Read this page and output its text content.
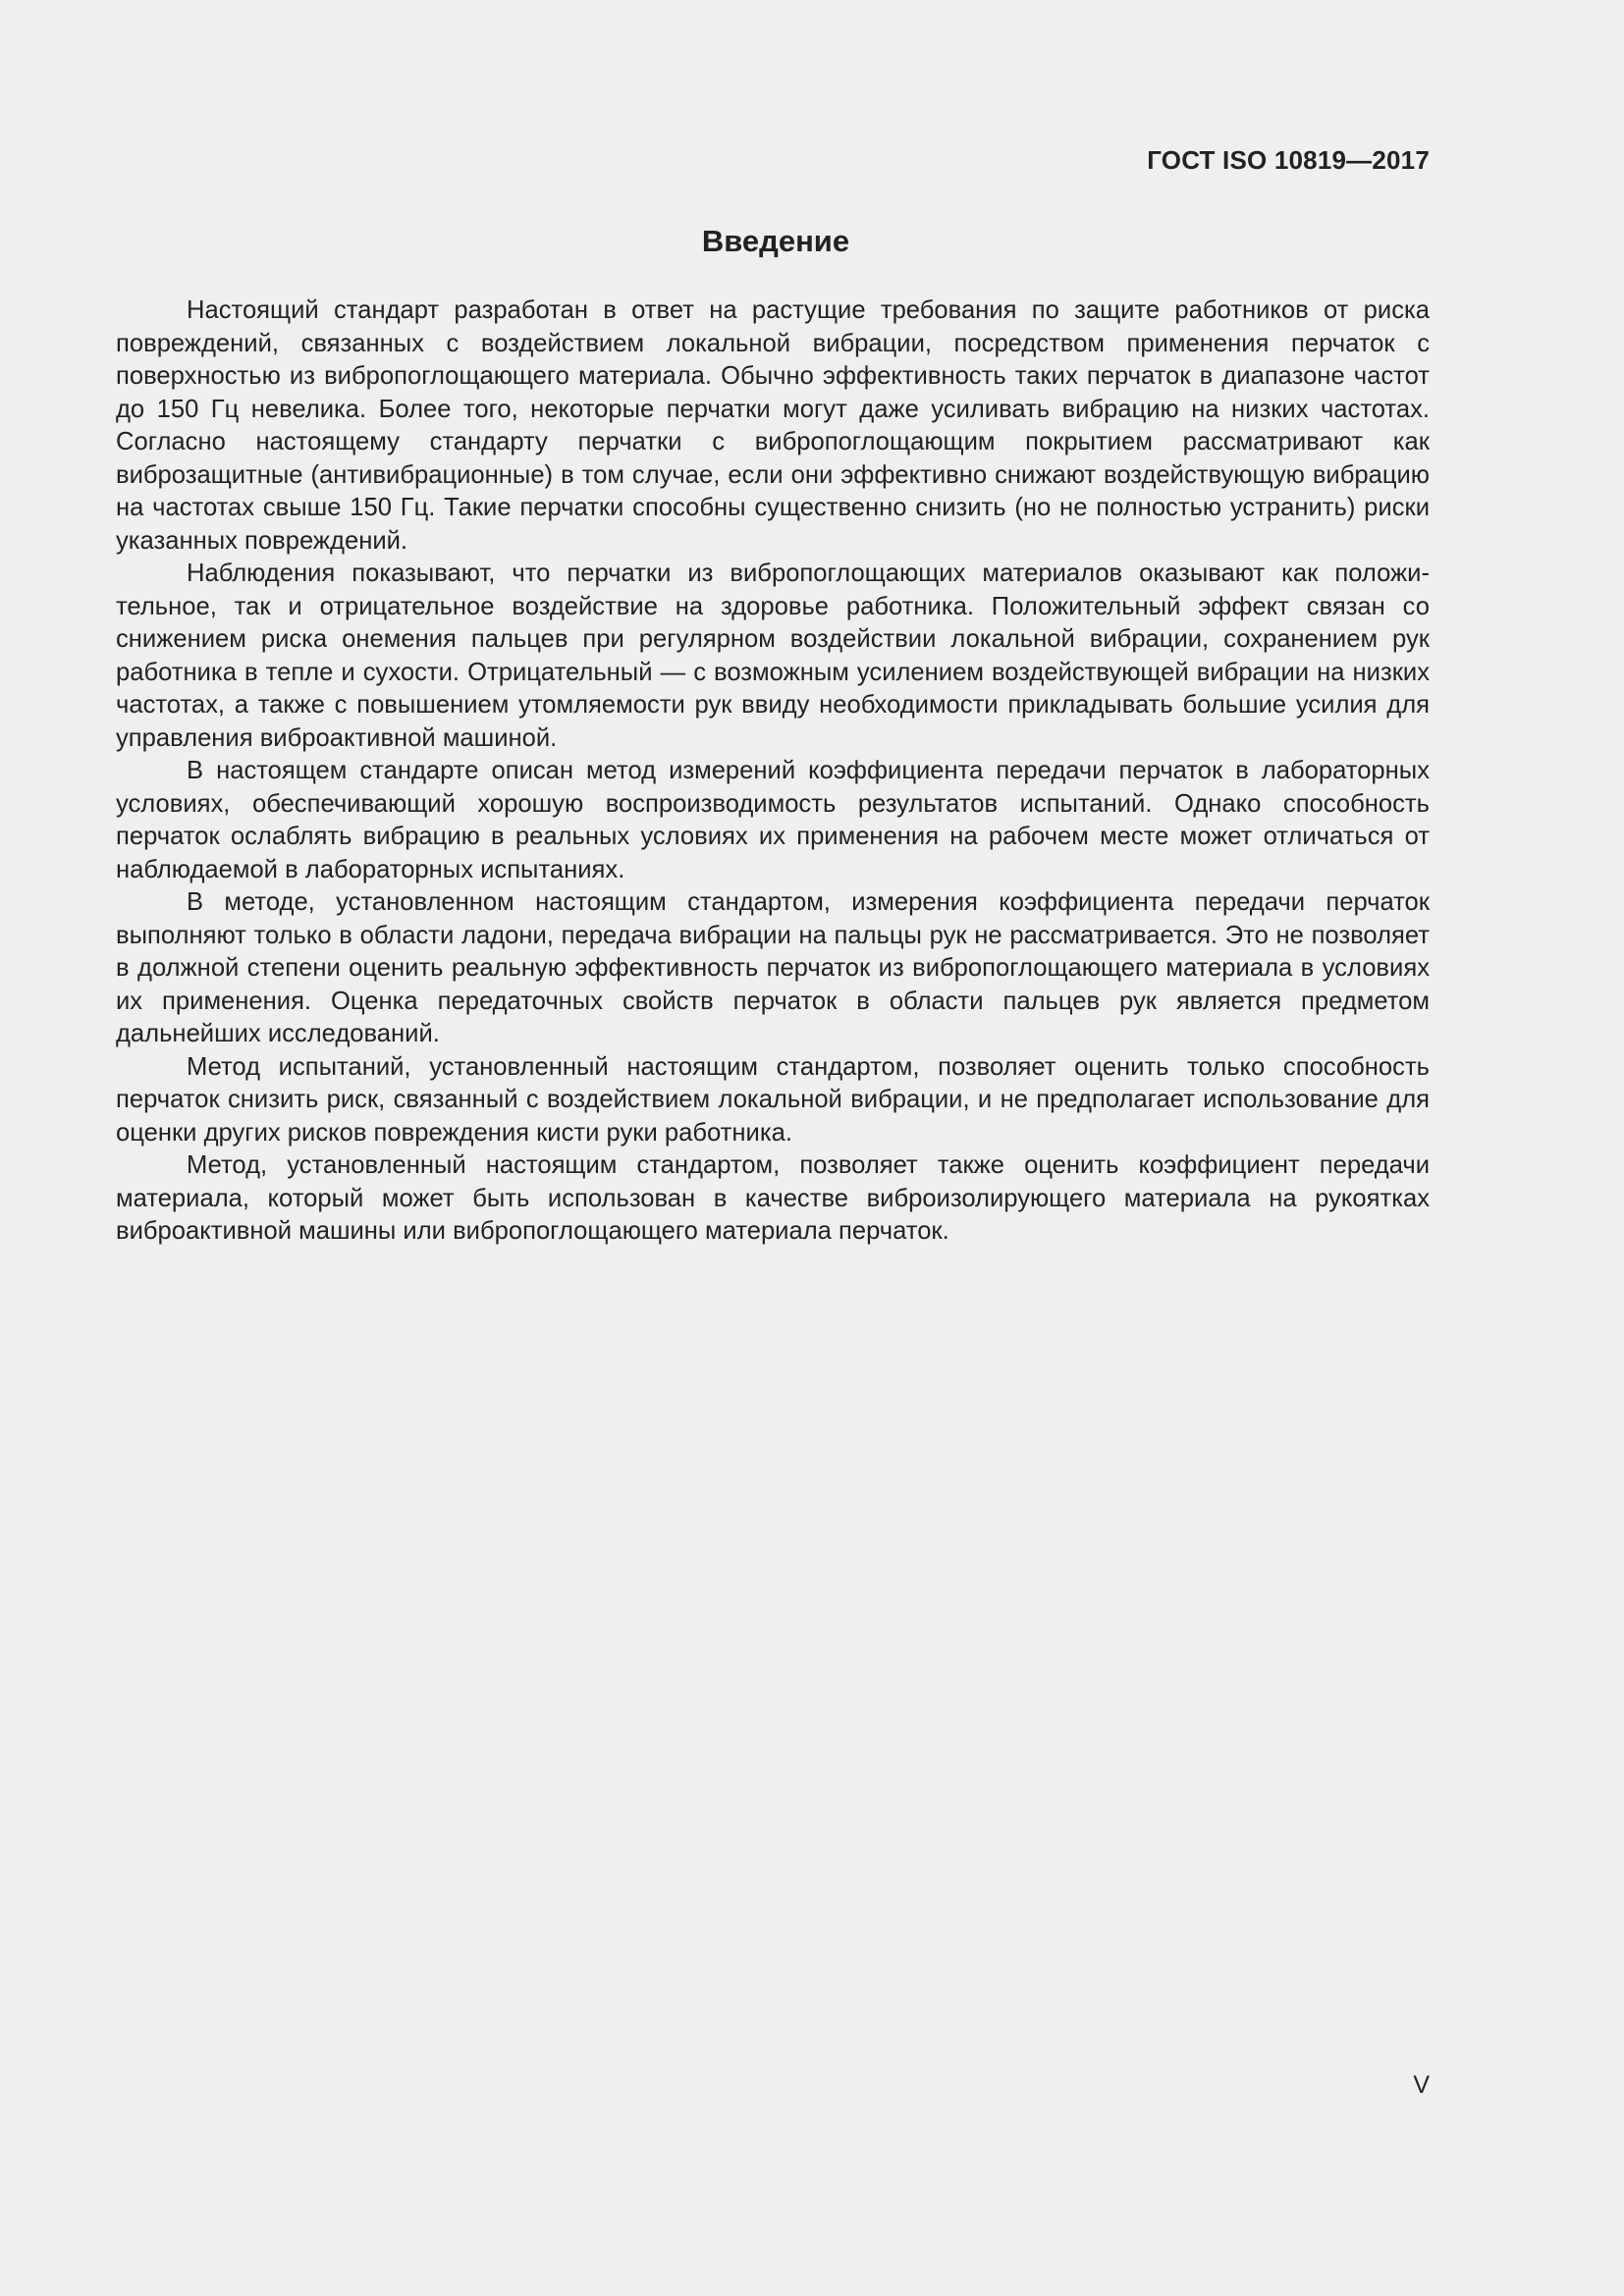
ГОСТ ISO 10819—2017
Введение

Настоящий стандарт разработан в ответ на растущие требования по защите работников от риска повреждений, связанных с воздействием локальной вибрации, посредством применения перчаток с поверхностью из вибропоглощающего материала. Обычно эффективность таких перчаток в диапазоне частот до 150 Гц невелика. Более того, некоторые перчатки могут даже усиливать вибрацию на низких частотах. Согласно настоящему стандарту перчатки с вибропоглощающим покрытием рассматривают как виброзащитные (антивибрационные) в том случае, если они эффективно снижают воздействующую вибрацию на частотах свыше 150 Гц. Такие перчатки способны существенно снизить (но не полностью устранить) риски указанных повреждений.

Наблюдения показывают, что перчатки из вибропоглощающих материалов оказывают как положительное, так и отрицательное воздействие на здоровье работника. Положительный эффект связан со снижением риска онемения пальцев при регулярном воздействии локальной вибрации, сохранением рук работника в тепле и сухости. Отрицательный — с возможным усилением воздействующей вибрации на низких частотах, а также с повышением утомляемости рук ввиду необходимости прикладывать большие усилия для управления виброактивной машиной.

В настоящем стандарте описан метод измерений коэффициента передачи перчаток в лабораторных условиях, обеспечивающий хорошую воспроизводимость результатов испытаний. Однако способность перчаток ослаблять вибрацию в реальных условиях их применения на рабочем месте может отличаться от наблюдаемой в лабораторных испытаниях.

В методе, установленном настоящим стандартом, измерения коэффициента передачи перчаток выполняют только в области ладони, передача вибрации на пальцы рук не рассматривается. Это не позволяет в должной степени оценить реальную эффективность перчаток из вибропоглощающего материала в условиях их применения. Оценка передаточных свойств перчаток в области пальцев рук является предметом дальнейших исследований.

Метод испытаний, установленный настоящим стандартом, позволяет оценить только способность перчаток снизить риск, связанный с воздействием локальной вибрации, и не предполагает использование для оценки других рисков повреждения кисти руки работника.

Метод, установленный настоящим стандартом, позволяет также оценить коэффициент передачи материала, который может быть использован в качестве виброизолирующего материала на рукоятках виброактивной машины или вибропоглощающего материала перчаток.

V
